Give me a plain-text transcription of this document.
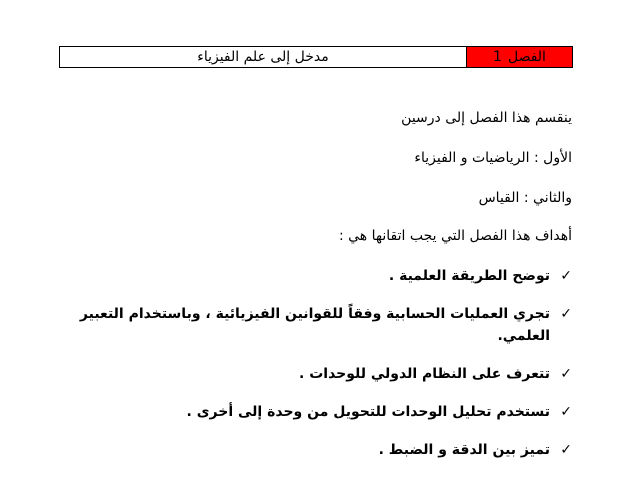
الفصل
1
مدخل إلى علم الفيزياء

ينقسم هذا الفصل إلى درسين

الأول : الرياضيات و الفيزياء

والثاني : القياس

أهداف هذا الفصل التي يجب اتقانها هي :

✓
توضح الطريقة العلمية .
✓
تجري العمليات الحسابية وفقاً للقوانين الفيزيائية ، وباستخدام التعبير العلمي.
✓
تتعرف على النظام الدولي للوحدات .
✓
تستخدم تحليل الوحدات للتحويل من وحدة إلى أخرى .
✓
تميز بين الدقة و الضبط .
